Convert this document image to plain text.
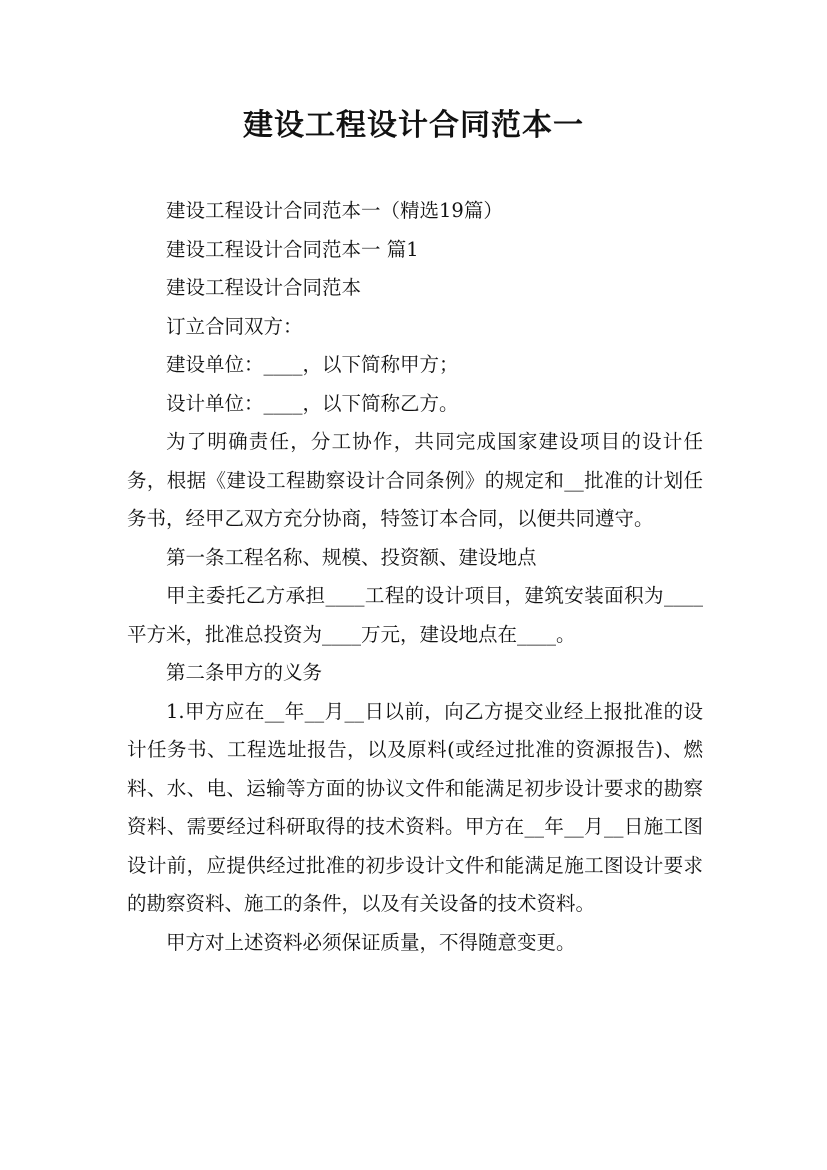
建设工程设计合同范本一

建设工程设计合同范本一（精选19篇）

建设工程设计合同范本一 篇1

建设工程设计合同范本

订立合同双方：

建设单位：____，以下简称甲方；

设计单位：____，以下简称乙方。

为了明确责任，分工协作，共同完成国家建设项目的设计任务，根据《建设工程勘察设计合同条例》的规定和__批准的计划任务书，经甲乙双方充分协商，特签订本合同，以便共同遵守。

第一条工程名称、规模、投资额、建设地点

甲主委托乙方承担____工程的设计项目，建筑安装面积为____平方米，批准总投资为____万元，建设地点在____。

第二条甲方的义务

1.甲方应在__年__月__日以前，向乙方提交业经上报批准的设计任务书、工程选址报告，以及原料(或经过批准的资源报告)、燃料、水、电、运输等方面的协议文件和能满足初步设计要求的勘察资料、需要经过科研取得的技术资料。甲方在__年__月__日施工图设计前，应提供经过批准的初步设计文件和能满足施工图设计要求的勘察资料、施工的条件，以及有关设备的技术资料。

甲方对上述资料必须保证质量，不得随意变更。
